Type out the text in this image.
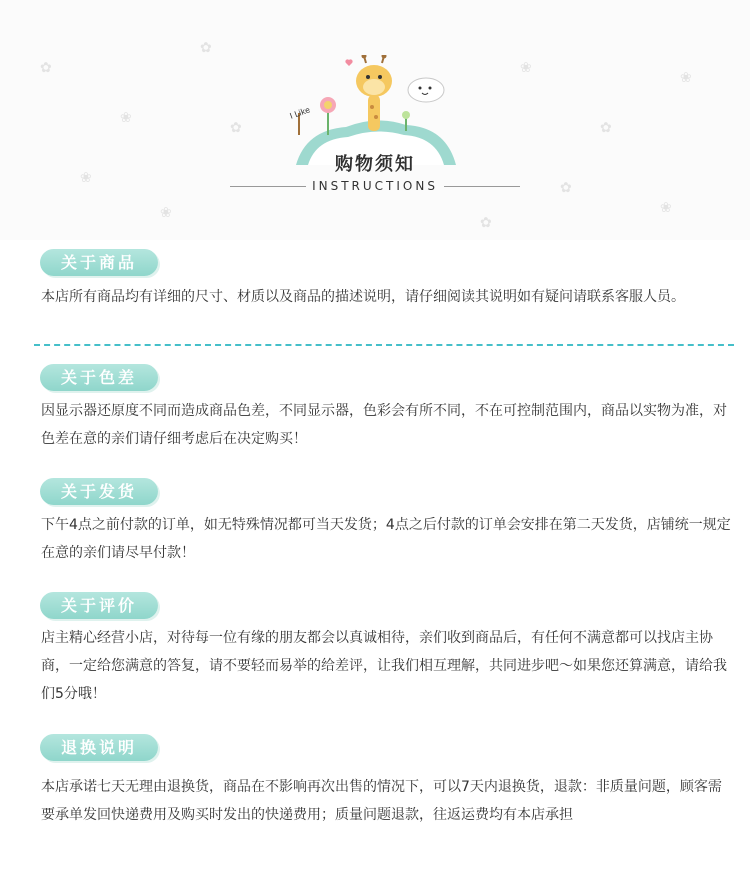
✿
❀
✿
❀
✿
❀
✿
❀
✿
❀
✿
❀
I Like
购物须知
INSTRUCTIONS
关于商品
本店所有商品均有详细的尺寸、材质以及商品的描述说明，请仔细阅读其说明如有疑问请联系客服人员。
关于色差
因显示器还原度不同而造成商品色差，不同显示器，色彩会有所不同，不在可控制范围内，商品以实物为准，对色差在意的亲们请仔细考虑后在决定购买！
关于发货
下午4点之前付款的订单，如无特殊情况都可当天发货；4点之后付款的订单会安排在第二天发货，店铺统一规定在意的亲们请尽早付款！
关于评价
店主精心经营小店，对待每一位有缘的朋友都会以真诚相待，亲们收到商品后，有任何不满意都可以找店主协商，一定给您满意的答复，请不要轻而易举的给差评，让我们相互理解，共同进步吧～如果您还算满意，请给我们5分哦！
退换说明
本店承诺七天无理由退换货，商品在不影响再次出售的情况下，可以7天内退换货，退款：非质量问题，顾客需要承单发回快递费用及购买时发出的快递费用；质量问题退款，往返运费均有本店承担
